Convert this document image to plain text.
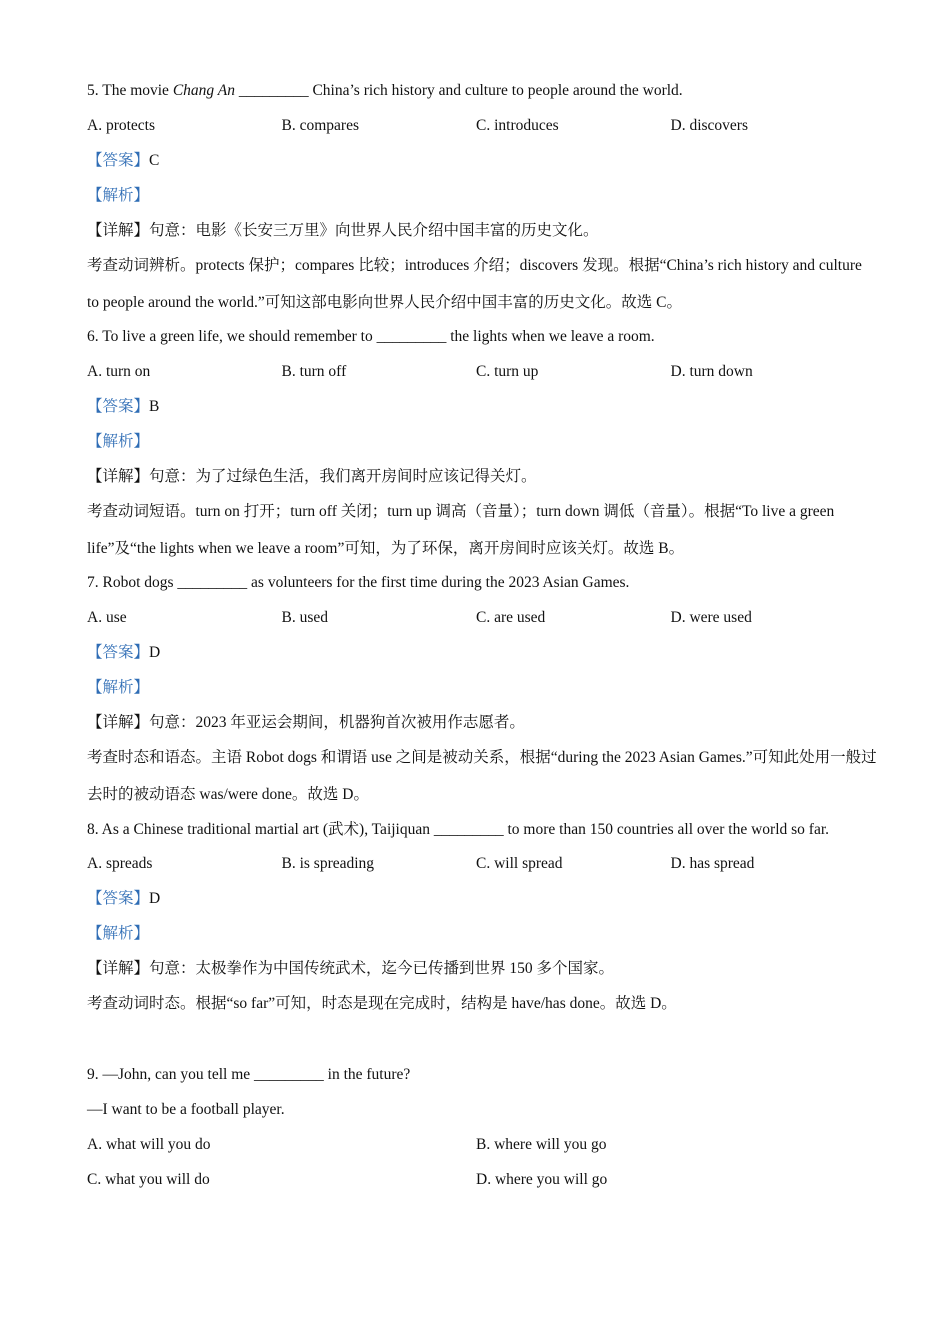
5. The movie Chang An _________ China’s rich history and culture to people around the world.
A. protects	B. compares	C. introduces	D. discovers
【答案】C
【解析】
【详解】句意：电影《长安三万里》向世界人民介绍中国丰富的历史文化。
考查动词辨析。protects 保护；compares 比较；introduces 介绍；discovers 发现。根据“China’s rich history and culture to people around the world.”可知这部电影向世界人民介绍中国丰富的历史文化。故选 C。
6. To live a green life, we should remember to _________ the lights when we leave a room.
A. turn on	B. turn off	C. turn up	D. turn down
【答案】B
【解析】
【详解】句意：为了过绿色生活，我们离开房间时应该记得关灯。
考查动词短语。turn on 打开；turn off 关闭；turn up 调高（音量）；turn down 调低（音量）。根据“To live a green life”及“the lights when we leave a room”可知，为了环保，离开房间时应该关灯。故选 B。
7. Robot dogs _________ as volunteers for the first time during the 2023 Asian Games.
A. use	B. used	C. are used	D. were used
【答案】D
【解析】
【详解】句意：2023 年亚运会期间，机器狗首次被用作志愿者。
考查时态和语态。主语 Robot dogs 和谓语 use 之间是被动关系，根据“during the 2023 Asian Games.”可知此处用一般过去时的被动语态 was/were done。故选 D。
8. As a Chinese traditional martial art (武术), Taijiquan _________ to more than 150 countries all over the world so far.
A. spreads	B. is spreading	C. will spread	D. has spread
【答案】D
【解析】
【详解】句意：太极拳作为中国传统武术，迄今已传播到世界 150 多个国家。
考查动词时态。根据“so far”可知，时态是现在完成时，结构是 have/has done。故选 D。
9. —John, can you tell me _________ in the future?
—I want to be a football player.
A. what will you do	B. where will you go
C. what you will do	D. where you will go
